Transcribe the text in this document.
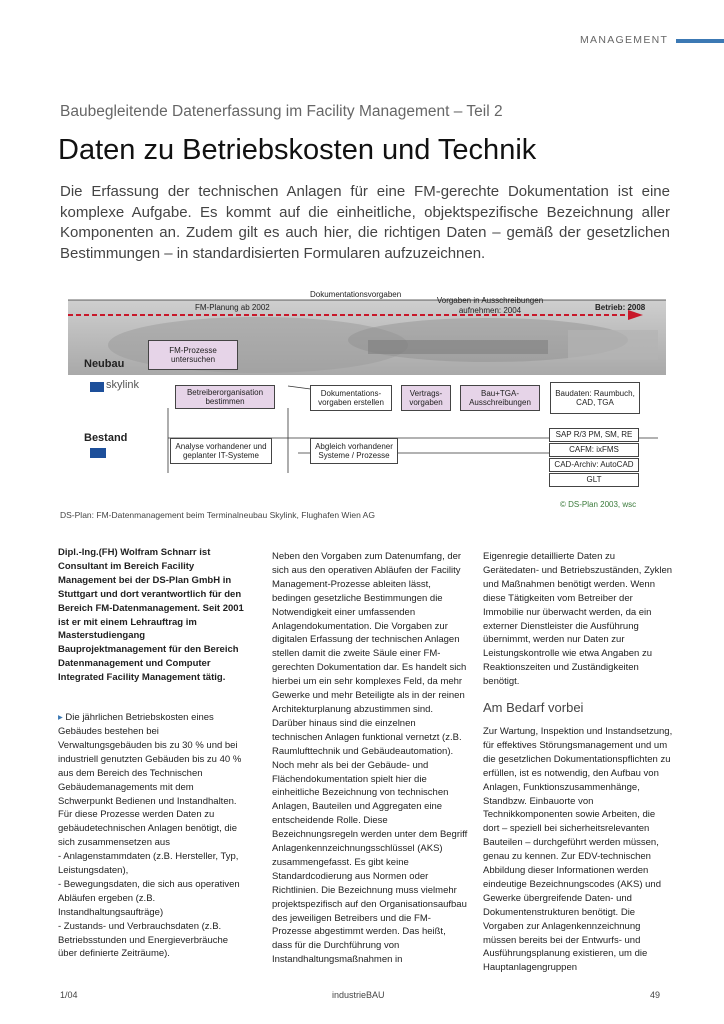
MANAGEMENT
Baubegleitende Datenerfassung im Facility Management – Teil 2
Daten zu Betriebskosten und Technik
Die Erfassung der technischen Anlagen für eine FM-gerechte Dokumentation ist eine komplexe Aufgabe. Es kommt auf die einheitliche, objektspezifische Bezeichnung aller Komponenten an. Zudem gilt es auch hier, die richtigen Daten – gemäß der gesetzlichen Bestimmungen – in standardisierten Formularen aufzuzeichnen.
FM-Planung ab 2002
Dokumentationsvorgaben
Vorgaben in Ausschreibungen aufnehmen: 2004	Betrieb: 2008
Neubau
skylink
Bestand
FM-Prozesse untersuchen
Betreiberorganisation bestimmen
Dokumentations-vorgaben erstellen
Vertrags-vorgaben
Bau+TGA-Ausschreibungen
Baudaten: Raumbuch, CAD, TGA
Analyse vorhandener und geplanter IT-Systeme
Abgleich vorhandener Systeme / Prozesse
SAP R/3 PM, SM, RE
CAFM: ixFMS
CAD-Archiv: AutoCAD
GLT
© DS-Plan 2003, wsc
DS-Plan: FM-Datenmanagement beim Terminalneubau Skylink, Flughafen Wien AG

Dipl.-Ing.(FH) Wolfram Schnarr ist Consultant im Bereich Facility Management bei der DS-Plan GmbH in Stuttgart und dort verantwortlich für den Bereich FM-Datenmanagement. Seit 2001 ist er mit einem Lehrauftrag im Masterstudiengang Bauprojektmanagement für den Bereich Datenmanagement und Computer Integrated Facility Management tätig.

▸ Die jährlichen Betriebskosten eines Gebäudes bestehen bei Verwaltungsgebäuden bis zu 30 % und bei industriell genutzten Gebäuden bis zu 40 % aus dem Bereich des Technischen Gebäudemanagements mit dem Schwerpunkt Bedienen und Instandhalten. Für diese Prozesse werden Daten zu gebäudetechnischen Anlagen benötigt, die sich zusammensetzen aus

- Anlagenstammdaten (z.B. Hersteller, Typ, Leistungsdaten),

- Bewegungsdaten, die sich aus operativen Abläufen ergeben (z.B. Instandhaltungsaufträge)

- Zustands- und Verbrauchsdaten (z.B. Betriebsstunden und Energieverbräuche über definierte Zeiträume).

Neben den Vorgaben zum Datenumfang, der sich aus den operativen Abläufen der Facility Management-Prozesse ableiten lässt, bedingen gesetzliche Bestimmungen die Notwendigkeit einer umfassenden Anlagendokumentation. Die Vorgaben zur digitalen Erfassung der technischen Anlagen stellen damit die zweite Säule einer FM-gerechten Dokumentation dar. Es handelt sich hierbei um ein sehr komplexes Feld, da mehr Gewerke und mehr Beteiligte als in der reinen Architekturplanung abzustimmen sind. Darüber hinaus sind die einzelnen technischen Anlagen funktional vernetzt (z.B. Raumlufttechnik und Gebäudeautomation). Noch mehr als bei der Gebäude- und Flächendokumentation spielt hier die einheitliche Bezeichnung von technischen Anlagen, Bauteilen und Aggregaten eine entscheidende Rolle. Diese Bezeichnungsregeln werden unter dem Begriff Anlagenkennzeichnungsschlüssel (AKS) zusammengefasst. Es gibt keine Standardcodierung aus Normen oder Richtlinien. Die Bezeichnung muss vielmehr projektspezifisch auf den Organisationsaufbau des jeweiligen Betreibers und die FM-Prozesse abgestimmt werden. Das heißt, dass für die Durchführung von Instandhaltungsmaßnahmen in

Eigenregie detaillierte Daten zu Gerätedaten- und Betriebszuständen, Zyklen und Maßnahmen benötigt werden. Wenn diese Tätigkeiten vom Betreiber der Immobilie nur überwacht werden, da ein externer Dienstleister die Ausführung übernimmt, werden nur Daten zur Leistungskontrolle wie etwa Angaben zu Reaktionszeiten und Zuständigkeiten benötigt.

Am Bedarf vorbei

Zur Wartung, Inspektion und Instandsetzung, für effektives Störungsmanagement und um die gesetzlichen Dokumentationspflichten zu erfüllen, ist es notwendig, den Aufbau von Anlagen, Funktionszusammenhänge, Standbzw. Einbauorte von Technikkomponenten sowie Arbeiten, die dort – speziell bei sicherheitsrelevanten Bauteilen – durchgeführt werden müssen, genau zu kennen. Zur EDV-technischen Abbildung dieser Informationen werden eindeutige Bezeichnungscodes (AKS) und Gewerke übergreifende Daten- und Dokumentenstrukturen benötigt. Die Vorgaben zur Anlagenkennzeichnung müssen bereits bei der Entwurfs- und Ausführungsplanung existieren, um die Hauptanlagengruppen

1/04	industrieBAU	49
